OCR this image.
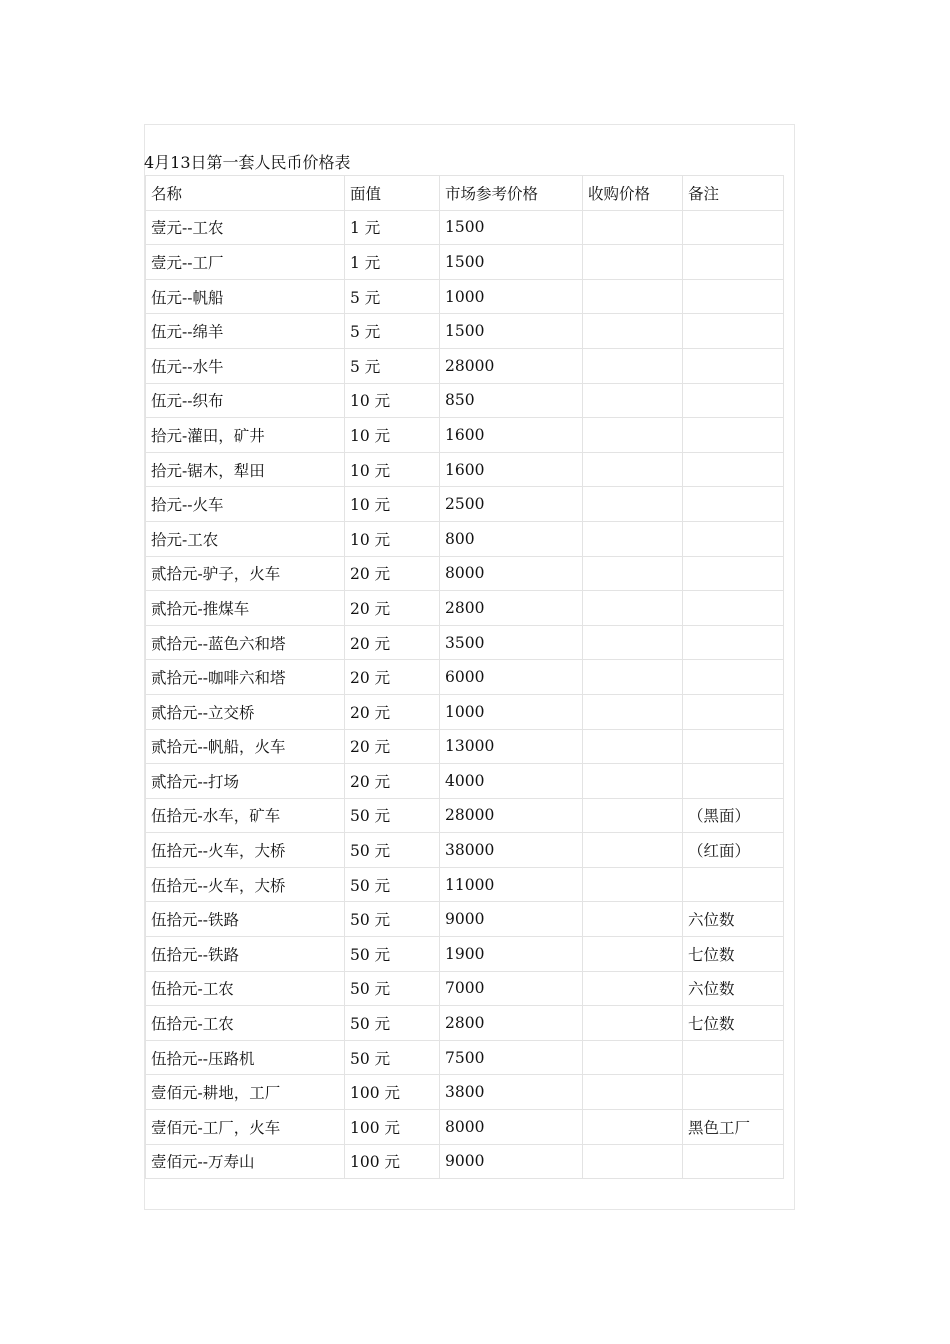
4月13日第一套人民币价格表
名称	面值	市场参考价格	收购价格	备注
壹元--工农	1 元	1500		
壹元--工厂	1 元	1500		
伍元--帆船	5 元	1000		
伍元--绵羊	5 元	1500		
伍元--水牛	5 元	28000		
伍元--织布	10 元	850		
拾元-灌田，矿井	10 元	1600		
拾元-锯木，犁田	10 元	1600		
拾元--火车	10 元	2500		
拾元-工农	10 元	800		
贰拾元-驴子，火车	20 元	8000		
贰拾元-推煤车	20 元	2800		
贰拾元--蓝色六和塔	20 元	3500		
贰拾元--咖啡六和塔	20 元	6000		
贰拾元--立交桥	20 元	1000		
贰拾元--帆船，火车	20 元	13000		
贰拾元--打场	20 元	4000		
伍拾元-水车，矿车	50 元	28000		（黑面）
伍拾元--火车，大桥	50 元	38000		（红面）
伍拾元--火车，大桥	50 元	11000		
伍拾元--铁路	50 元	9000		六位数
伍拾元--铁路	50 元	1900		七位数
伍拾元-工农	50 元	7000		六位数
伍拾元-工农	50 元	2800		七位数
伍拾元--压路机	50 元	7500		
壹佰元-耕地，工厂	100 元	3800		
壹佰元-工厂，火车	100 元	8000		黑色工厂
壹佰元--万寿山	100 元	9000		
